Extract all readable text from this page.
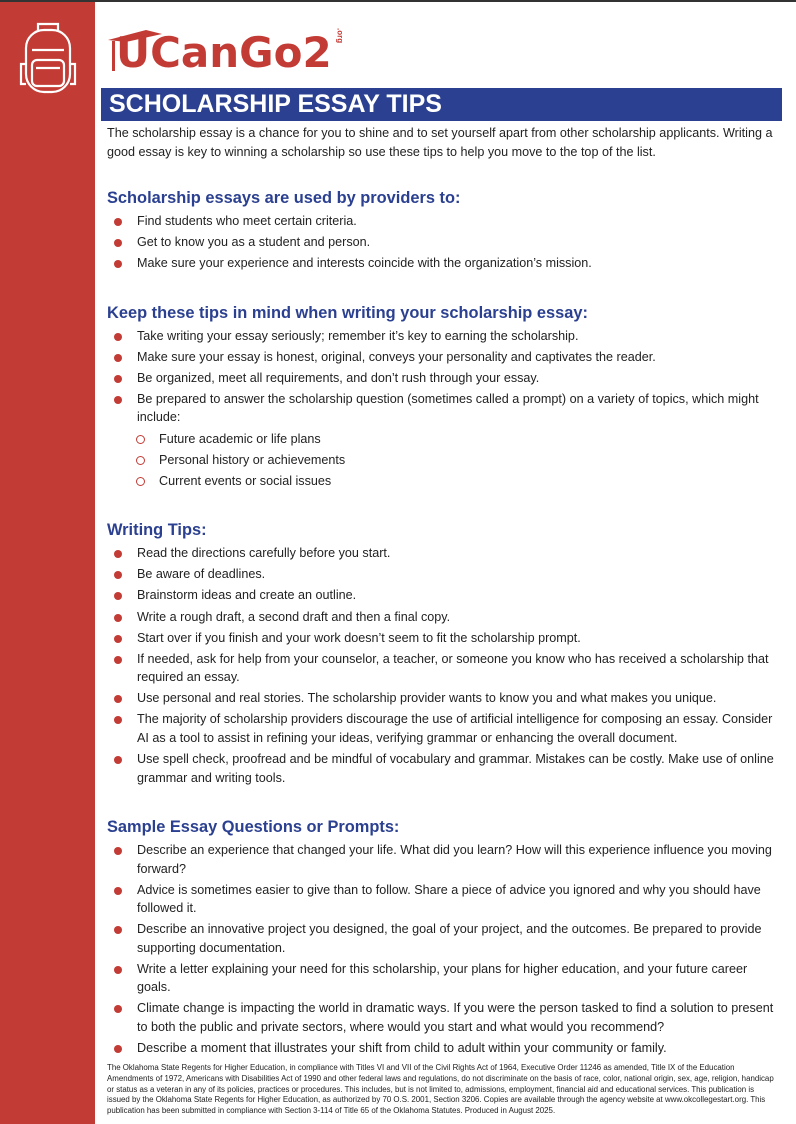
UCanGo2 .org
SCHOLARSHIP ESSAY TIPS

The scholarship essay is a chance for you to shine and to set yourself apart from other scholarship applicants. Writing a good essay is key to winning a scholarship so use these tips to help you move to the top of the list.

Scholarship essays are used by providers to:
Find students who meet certain criteria.
Get to know you as a student and person.
Make sure your experience and interests coincide with the organization’s mission.
Keep these tips in mind when writing your scholarship essay:
Take writing your essay seriously; remember it’s key to earning the scholarship.
Make sure your essay is honest, original, conveys your personality and captivates the reader.
Be organized, meet all requirements, and don’t rush through your essay.
Be prepared to answer the scholarship question (sometimes called a prompt) on a variety of topics, which might include:
Future academic or life plans
Personal history or achievements
Current events or social issues
Writing Tips:
Read the directions carefully before you start.
Be aware of deadlines.
Brainstorm ideas and create an outline.
Write a rough draft, a second draft and then a final copy.
Start over if you finish and your work doesn’t seem to fit the scholarship prompt.
If needed, ask for help from your counselor, a teacher, or someone you know who has received a scholarship that required an essay.
Use personal and real stories. The scholarship provider wants to know you and what makes you unique.
The majority of scholarship providers discourage the use of artificial intelligence for composing an essay. Consider AI as a tool to assist in refining your ideas, verifying grammar or enhancing the overall document.
Use spell check, proofread and be mindful of vocabulary and grammar. Mistakes can be costly. Make use of online grammar and writing tools.
Sample Essay Questions or Prompts:
Describe an experience that changed your life. What did you learn? How will this experience influence you moving forward?
Advice is sometimes easier to give than to follow. Share a piece of advice you ignored and why you should have followed it.
Describe an innovative project you designed, the goal of your project, and the outcomes. Be prepared to provide supporting documentation.
Write a letter explaining your need for this scholarship, your plans for higher education, and your future career goals.
Climate change is impacting the world in dramatic ways. If you were the person tasked to find a solution to present to both the public and private sectors, where would you start and what would you recommend?
Describe a moment that illustrates your shift from child to adult within your community or family.
The Oklahoma State Regents for Higher Education, in compliance with Titles VI and VII of the Civil Rights Act of 1964, Executive Order 11246 as amended, Title IX of the Education Amendments of 1972, Americans with Disabilities Act of 1990 and other federal laws and regulations, do not discriminate on the basis of race, color, national origin, sex, age, religion, handicap or status as a veteran in any of its policies, practices or procedures. This includes, but is not limited to, admissions, employment, financial aid and educational services. This publication is issued by the Oklahoma State Regents for Higher Education, as authorized by 70 O.S. 2001, Section 3206. Copies are available through the agency website at www.okcollegestart.org. This publication has been submitted in compliance with Section 3-114 of Title 65 of the Oklahoma Statutes. Produced in August 2025.
